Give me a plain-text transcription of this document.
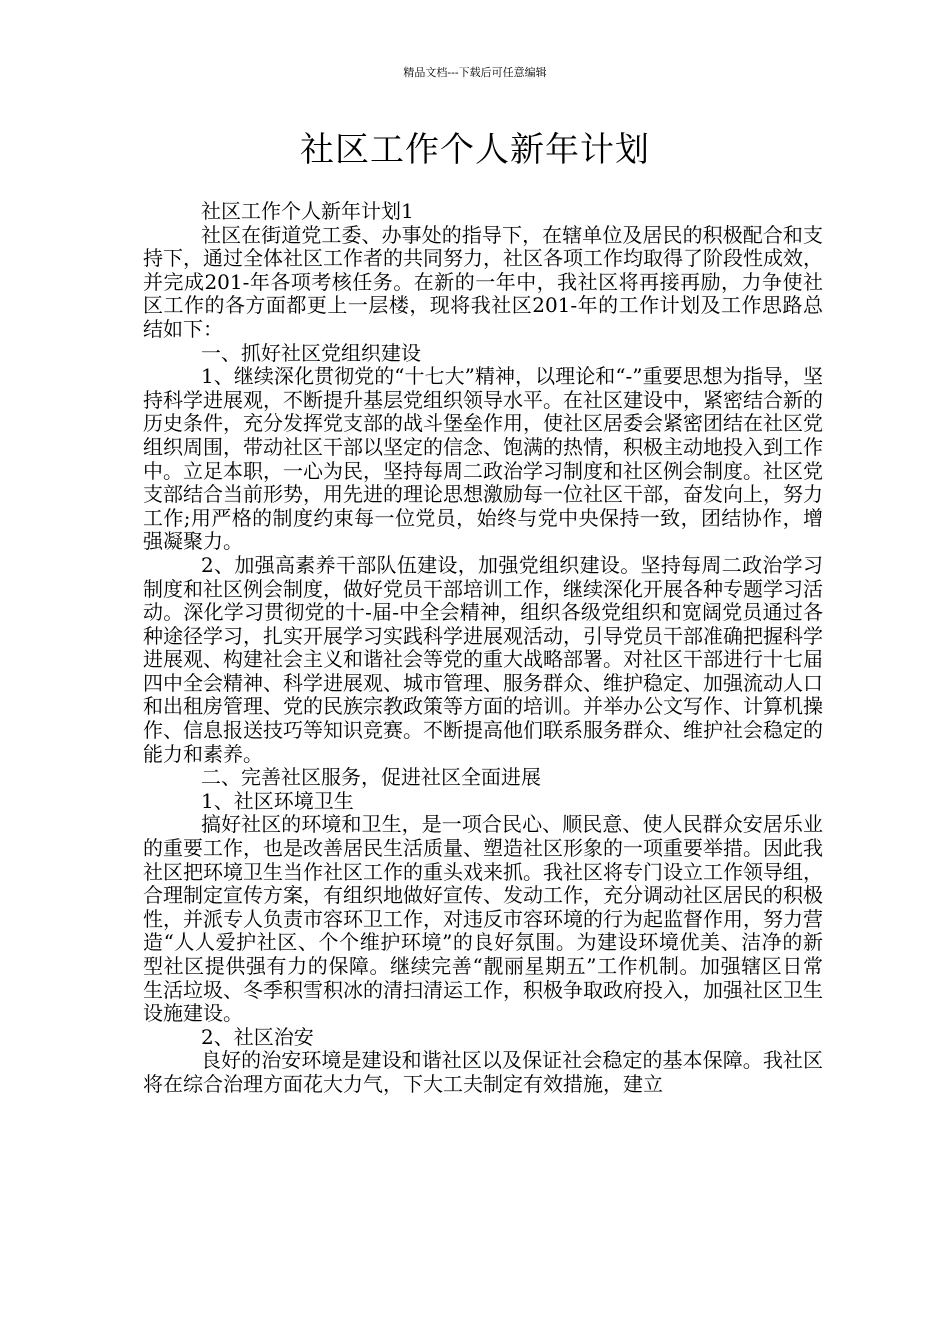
精品文档---下载后可任意编辑
社区工作个人新年计划

社区工作个人新年计划1

社区在街道党工委、办事处的指导下，在辖单位及居民的积极配合和支持下，通过全体社区工作者的共同努力，社区各项工作均取得了阶段性成效，并完成201-年各项考核任务。在新的一年中，我社区将再接再励，力争使社区工作的各方面都更上一层楼，现将我社区201-年的工作计划及工作思路总结如下：

一、抓好社区党组织建设

1、继续深化贯彻党的“十七大”精神，以理论和“-”重要思想为指导，坚持科学进展观，不断提升基层党组织领导水平。在社区建设中，紧密结合新的历史条件，充分发挥党支部的战斗堡垒作用，使社区居委会紧密团结在社区党组织周围，带动社区干部以坚定的信念、饱满的热情，积极主动地投入到工作中。立足本职，一心为民，坚持每周二政治学习制度和社区例会制度。社区党支部结合当前形势，用先进的理论思想激励每一位社区干部，奋发向上，努力工作;用严格的制度约束每一位党员，始终与党中央保持一致，团结协作，增强凝聚力。

2、加强高素养干部队伍建设，加强党组织建设。坚持每周二政治学习制度和社区例会制度，做好党员干部培训工作，继续深化开展各种专题学习活动。深化学习贯彻党的十-届-中全会精神，组织各级党组织和宽阔党员通过各种途径学习，扎实开展学习实践科学进展观活动，引导党员干部准确把握科学进展观、构建社会主义和谐社会等党的重大战略部署。对社区干部进行十七届四中全会精神、科学进展观、城市管理、服务群众、维护稳定、加强流动人口和出租房管理、党的民族宗教政策等方面的培训。并举办公文写作、计算机操作、信息报送技巧等知识竞赛。不断提高他们联系服务群众、维护社会稳定的能力和素养。

二、完善社区服务，促进社区全面进展

1、社区环境卫生

搞好社区的环境和卫生，是一项合民心、顺民意、使人民群众安居乐业的重要工作，也是改善居民生活质量、塑造社区形象的一项重要举措。因此我社区把环境卫生当作社区工作的重头戏来抓。我社区将专门设立工作领导组，合理制定宣传方案，有组织地做好宣传、发动工作，充分调动社区居民的积极性，并派专人负责市容环卫工作，对违反市容环境的行为起监督作用，努力营造“人人爱护社区、个个维护环境”的良好氛围。为建设环境优美、洁净的新型社区提供强有力的保障。继续完善“靓丽星期五”工作机制。加强辖区日常生活垃圾、冬季积雪积冰的清扫清运工作，积极争取政府投入，加强社区卫生设施建设。

2、社区治安

良好的治安环境是建设和谐社区以及保证社会稳定的基本保障。我社区将在综合治理方面花大力气，下大工夫制定有效措施，建立
